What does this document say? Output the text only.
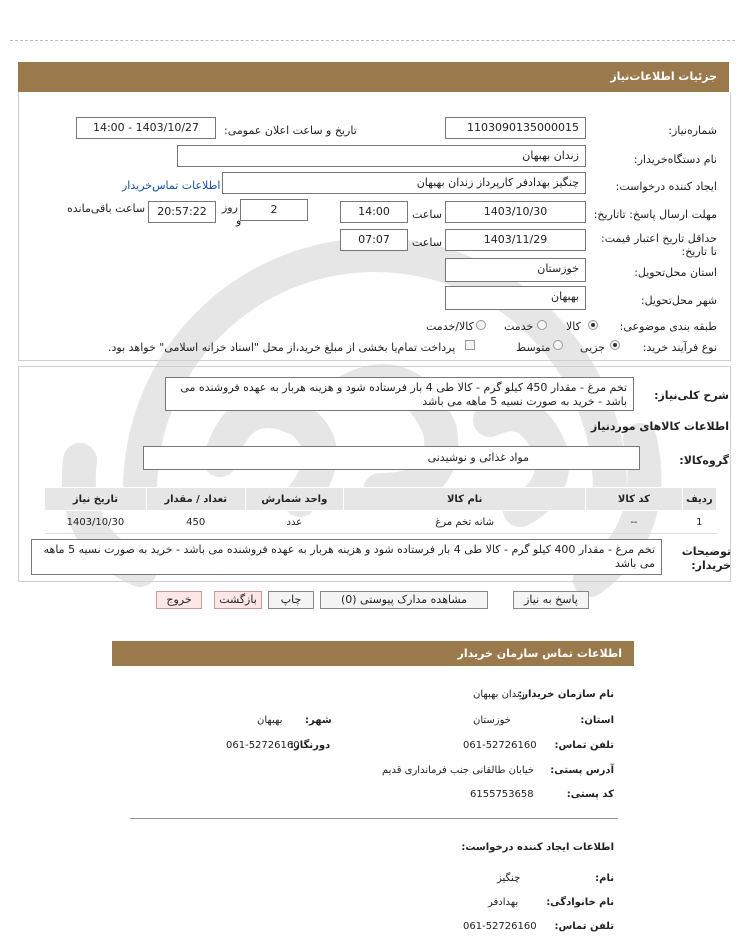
جزئیات اطلاعات‌نیاز
شماره‌نیاز:
1103090135000015
تاریخ و ساعت اعلان عمومی:
1403/10/27 - 14:00
نام دستگاه‌خریدار:
زندان بهبهان
ایجاد کننده درخواست:
چنگیز بهدادفر کارپرداز زندان بهبهان
اطلاعات تماس‌خریدار
مهلت ارسال پاسخ: تاتاریخ:
1403/10/30
ساعت
14:00
2
روز
و
20:57:22
ساعت باقی‌مانده
حداقل تاریخ اعتبار قیمت: تا تاریخ:
1403/11/29
ساعت
07:07
استان محل‌تحویل:
خوزستان
شهر محل‌تحویل:
بهبهان
طبقه بندی موضوعی:
کالا
خدمت
کالا/خدمت
نوع فرآیند خرید:
جزیی
متوسط
پرداخت تمام‌یا بخشی از مبلغ خرید،از محل "اسناد خزانه اسلامی" خواهد بود.
شرح کلی‌نیاز:
تخم مرغ - مقدار 450 کیلو گرم - کالا طی 4 بار فرستاده شود و هزینه هربار به عهده فروشنده می باشد - خرید به صورت نسیه 5 ماهه می باشد
اطلاعات کالاهای موردنیاز
گروه‌کالا:
مواد غذائی و نوشیدنی
ردیف	کد کالا	نام کالا	واحد شمارش	تعداد / مقدار	تاریخ نیاز
1	--	شانه تخم مرغ	عدد	450	1403/10/30
توضیحات خریدار:
تخم مرغ - مقدار 400 کیلو گرم - کالا طی 4 بار فرستاده شود و هزینه هربار به عهده فروشنده می باشد - خرید به صورت نسیه 5 ماهه می باشد
پاسخ به نیاز
مشاهده مدارک پیوستی (0)
چاپ
بازگشت
خروج
اطلاعات تماس سازمان خریدار
نام سازمان خریدار:
زندان بهبهان
استان:
خوزستان
شهر:
بهبهان
تلفن تماس:
061-52726160
دورنگار:
061-52726160
آدرس پستی:
خیابان طالقانی جنب فرمانداری قدیم
کد پستی:
6155753658
اطلاعات ایجاد کننده درخواست:
نام:
چنگیز
نام خانوادگی:
بهدادفر
تلفن تماس:
061-52726160
